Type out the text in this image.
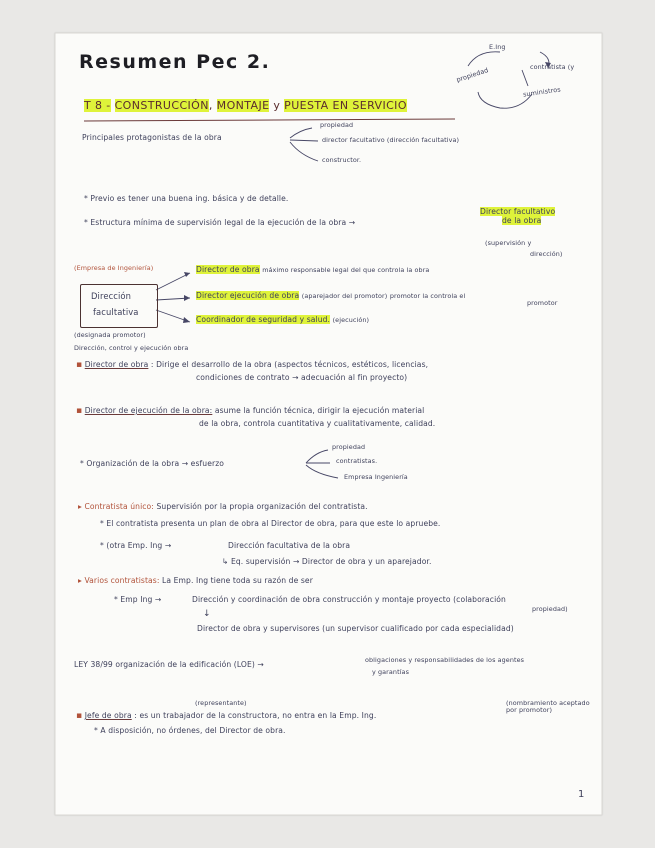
Resumen Pec 2.
E.Ing
propiedad	contratista (y
suministros
T 8 - CONSTRUCCIÓN, MONTAJE y PUESTA EN SERVICIO
Principales protagonistas de la obra
propiedad
director facultativo (dirección facultativa)
constructor.
* Previo es tener una buena ing. básica y de detalle.
* Estructura mínima de supervisión legal de la ejecución de la obra →
Director facultativo
de la obra
(supervisión y
dirección)
(Empresa de Ingeniería)
Dirección
facultativa
(designada promotor)
Director de obra máximo responsable legal del que controla la obra
Director ejecución de obra (aparejador del promotor) promotor la controla el
promotor
Coordinador de seguridad y salud. (ejecución)
Dirección, control y ejecución obra
▪ Director de obra : Dirige el desarrollo de la obra (aspectos técnicos, estéticos, licencias,
condiciones de contrato → adecuación al fin proyecto)
▪ Director de ejecución de la obra: asume la función técnica, dirigir la ejecución material
de la obra, controla cuantitativa y cualitativamente, calidad.
* Organización de la obra → esfuerzo
propiedad
contratistas.
Empresa Ingeniería
▸ Contratista único: Supervisión por la propia organización del contratista.
* El contratista presenta un plan de obra al Director de obra, para que este lo apruebe.
* (otra Emp. Ing →	Dirección facultativa de la obra
↳ Eq. supervisión → Director de obra y un aparejador.
▸ Varios contratistas: La Emp. Ing tiene toda su razón de ser
* Emp Ing →	Dirección y coordinación de obra construcción y montaje proyecto (colaboración
propiedad)
↓
Director de obra y supervisores (un supervisor cualificado por cada especialidad)
LEY 38/99 organización de la edificación (LOE) →	obligaciones y responsabilidades de los agentes
y garantías
(representante)
▪ Jefe de obra : es un trabajador de la constructora, no entra en la Emp. Ing.
(nombramiento aceptado por promotor)
* A disposición, no órdenes, del Director de obra.
1
